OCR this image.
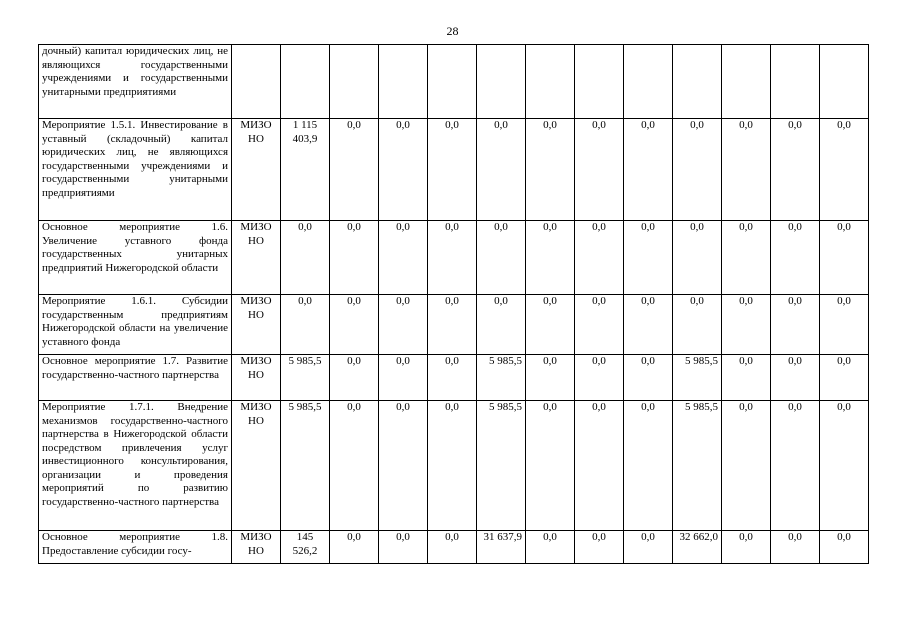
28
дочный) капитал юридических лиц, не являющихся государственными учреждениями и государственными унитарными предприятиями													
Мероприятие 1.5.1. Инвестирование в уставный (складочный) капитал юридических лиц, не являющихся государственными учреждениями и государственными унитарными предприятиями	МИЗО НО	1 115 403,9	0,0	0,0	0,0	0,0	0,0	0,0	0,0	0,0	0,0	0,0	0,0
Основное мероприятие 1.6. Увеличение уставного фонда государственных унитарных предприятий Нижегородской области	МИЗО НО	0,0	0,0	0,0	0,0	0,0	0,0	0,0	0,0	0,0	0,0	0,0	0,0
Мероприятие 1.6.1. Субсидии государственным предприятиям Нижегородской области на увеличение уставного фонда	МИЗО НО	0,0	0,0	0,0	0,0	0,0	0,0	0,0	0,0	0,0	0,0	0,0	0,0
Основное мероприятие 1.7. Развитие государственно-частного партнерства	МИЗО НО	5 985,5	0,0	0,0	0,0	5 985,5	0,0	0,0	0,0	5 985,5	0,0	0,0	0,0
Мероприятие 1.7.1. Внедрение механизмов государственно-частного партнерства в Нижегородской области посредством привлечения услуг инвестиционного консультирования, организации и проведения мероприятий по развитию государственно-частного партнерства	МИЗО НО	5 985,5	0,0	0,0	0,0	5 985,5	0,0	0,0	0,0	5 985,5	0,0	0,0	0,0
Основное мероприятие 1.8. Предоставление субсидии госу-	МИЗО НО	145 526,2	0,0	0,0	0,0	31 637,9	0,0	0,0	0,0	32 662,0	0,0	0,0	0,0
